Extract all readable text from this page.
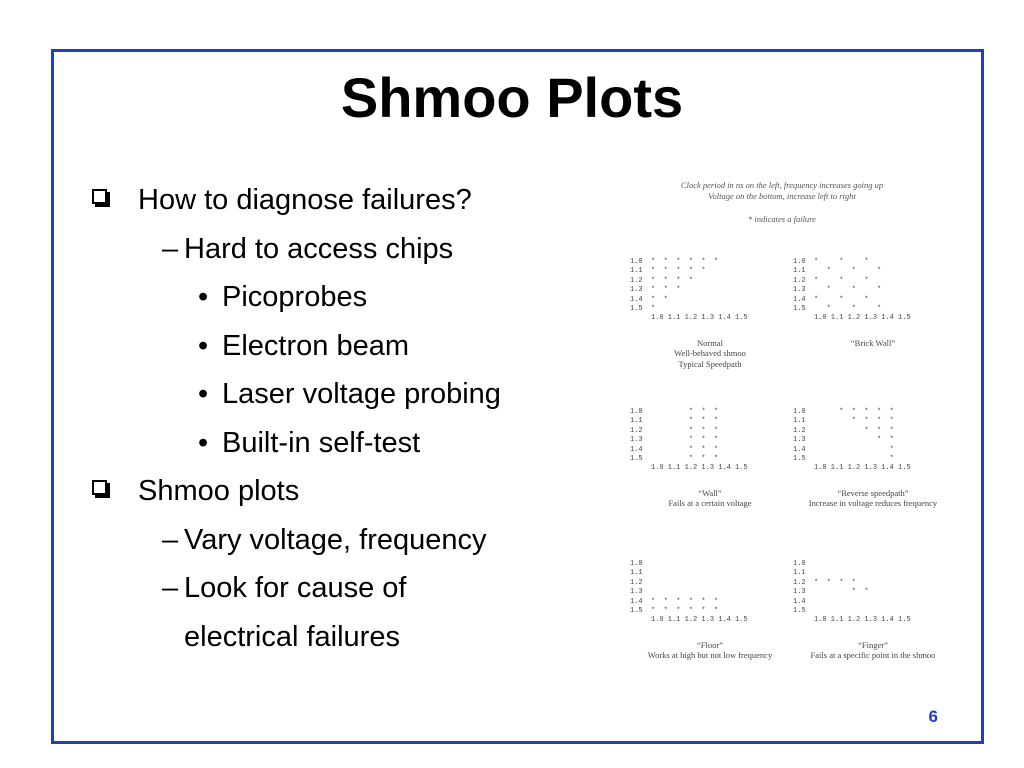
Shmoo Plots
How to diagnose failures?
– Hard to access chips
• Picoprobes
• Electron beam
• Laser voltage probing
• Built-in self-test
Shmoo plots
– Vary voltage, frequency
– Look for cause of
electrical failures
Clock period in ns on the left, frequency increases going up
Voltage on the bottom, increase left to right
* indicates a failure
1.0  *  *  *  *  *  *
1.1  *  *  *  *  *
1.2  *  *  *  *
1.3  *  *  *
1.4  *  *
1.5  *
1.0 1.1 1.2 1.3 1.4 1.5
Normal
Well-behaved shmoo
Typical Speedpath
1.0  *     *     *
1.1     *     *     *
1.2  *     *     *
1.3     *     *     *
1.4  *     *     *
1.5     *     *     *
1.0 1.1 1.2 1.3 1.4 1.5
“Brick Wall”
1.0           *  *  *
1.1           *  *  *
1.2           *  *  *
1.3           *  *  *
1.4           *  *  *
1.5           *  *  *
1.0 1.1 1.2 1.3 1.4 1.5
“Wall”
Fails at a certain voltage
1.0        *  *  *  *  *
1.1           *  *  *  *
1.2              *  *  *
1.3                 *  *
1.4                    *
1.5                    *
1.0 1.1 1.2 1.3 1.4 1.5
“Reverse speedpath”
Increase in voltage reduces frequency
1.0
1.1
1.2
1.3
1.4  *  *  *  *  *  *
1.5  *  *  *  *  *  *
1.0 1.1 1.2 1.3 1.4 1.5
“Floor”
Works at high but not low frequency
1.0
1.1
1.2  *  *  *  *
1.3           *  *
1.4
1.5
1.0 1.1 1.2 1.3 1.4 1.5
“Finger”
Fails at a specific point in the shmoo
6
